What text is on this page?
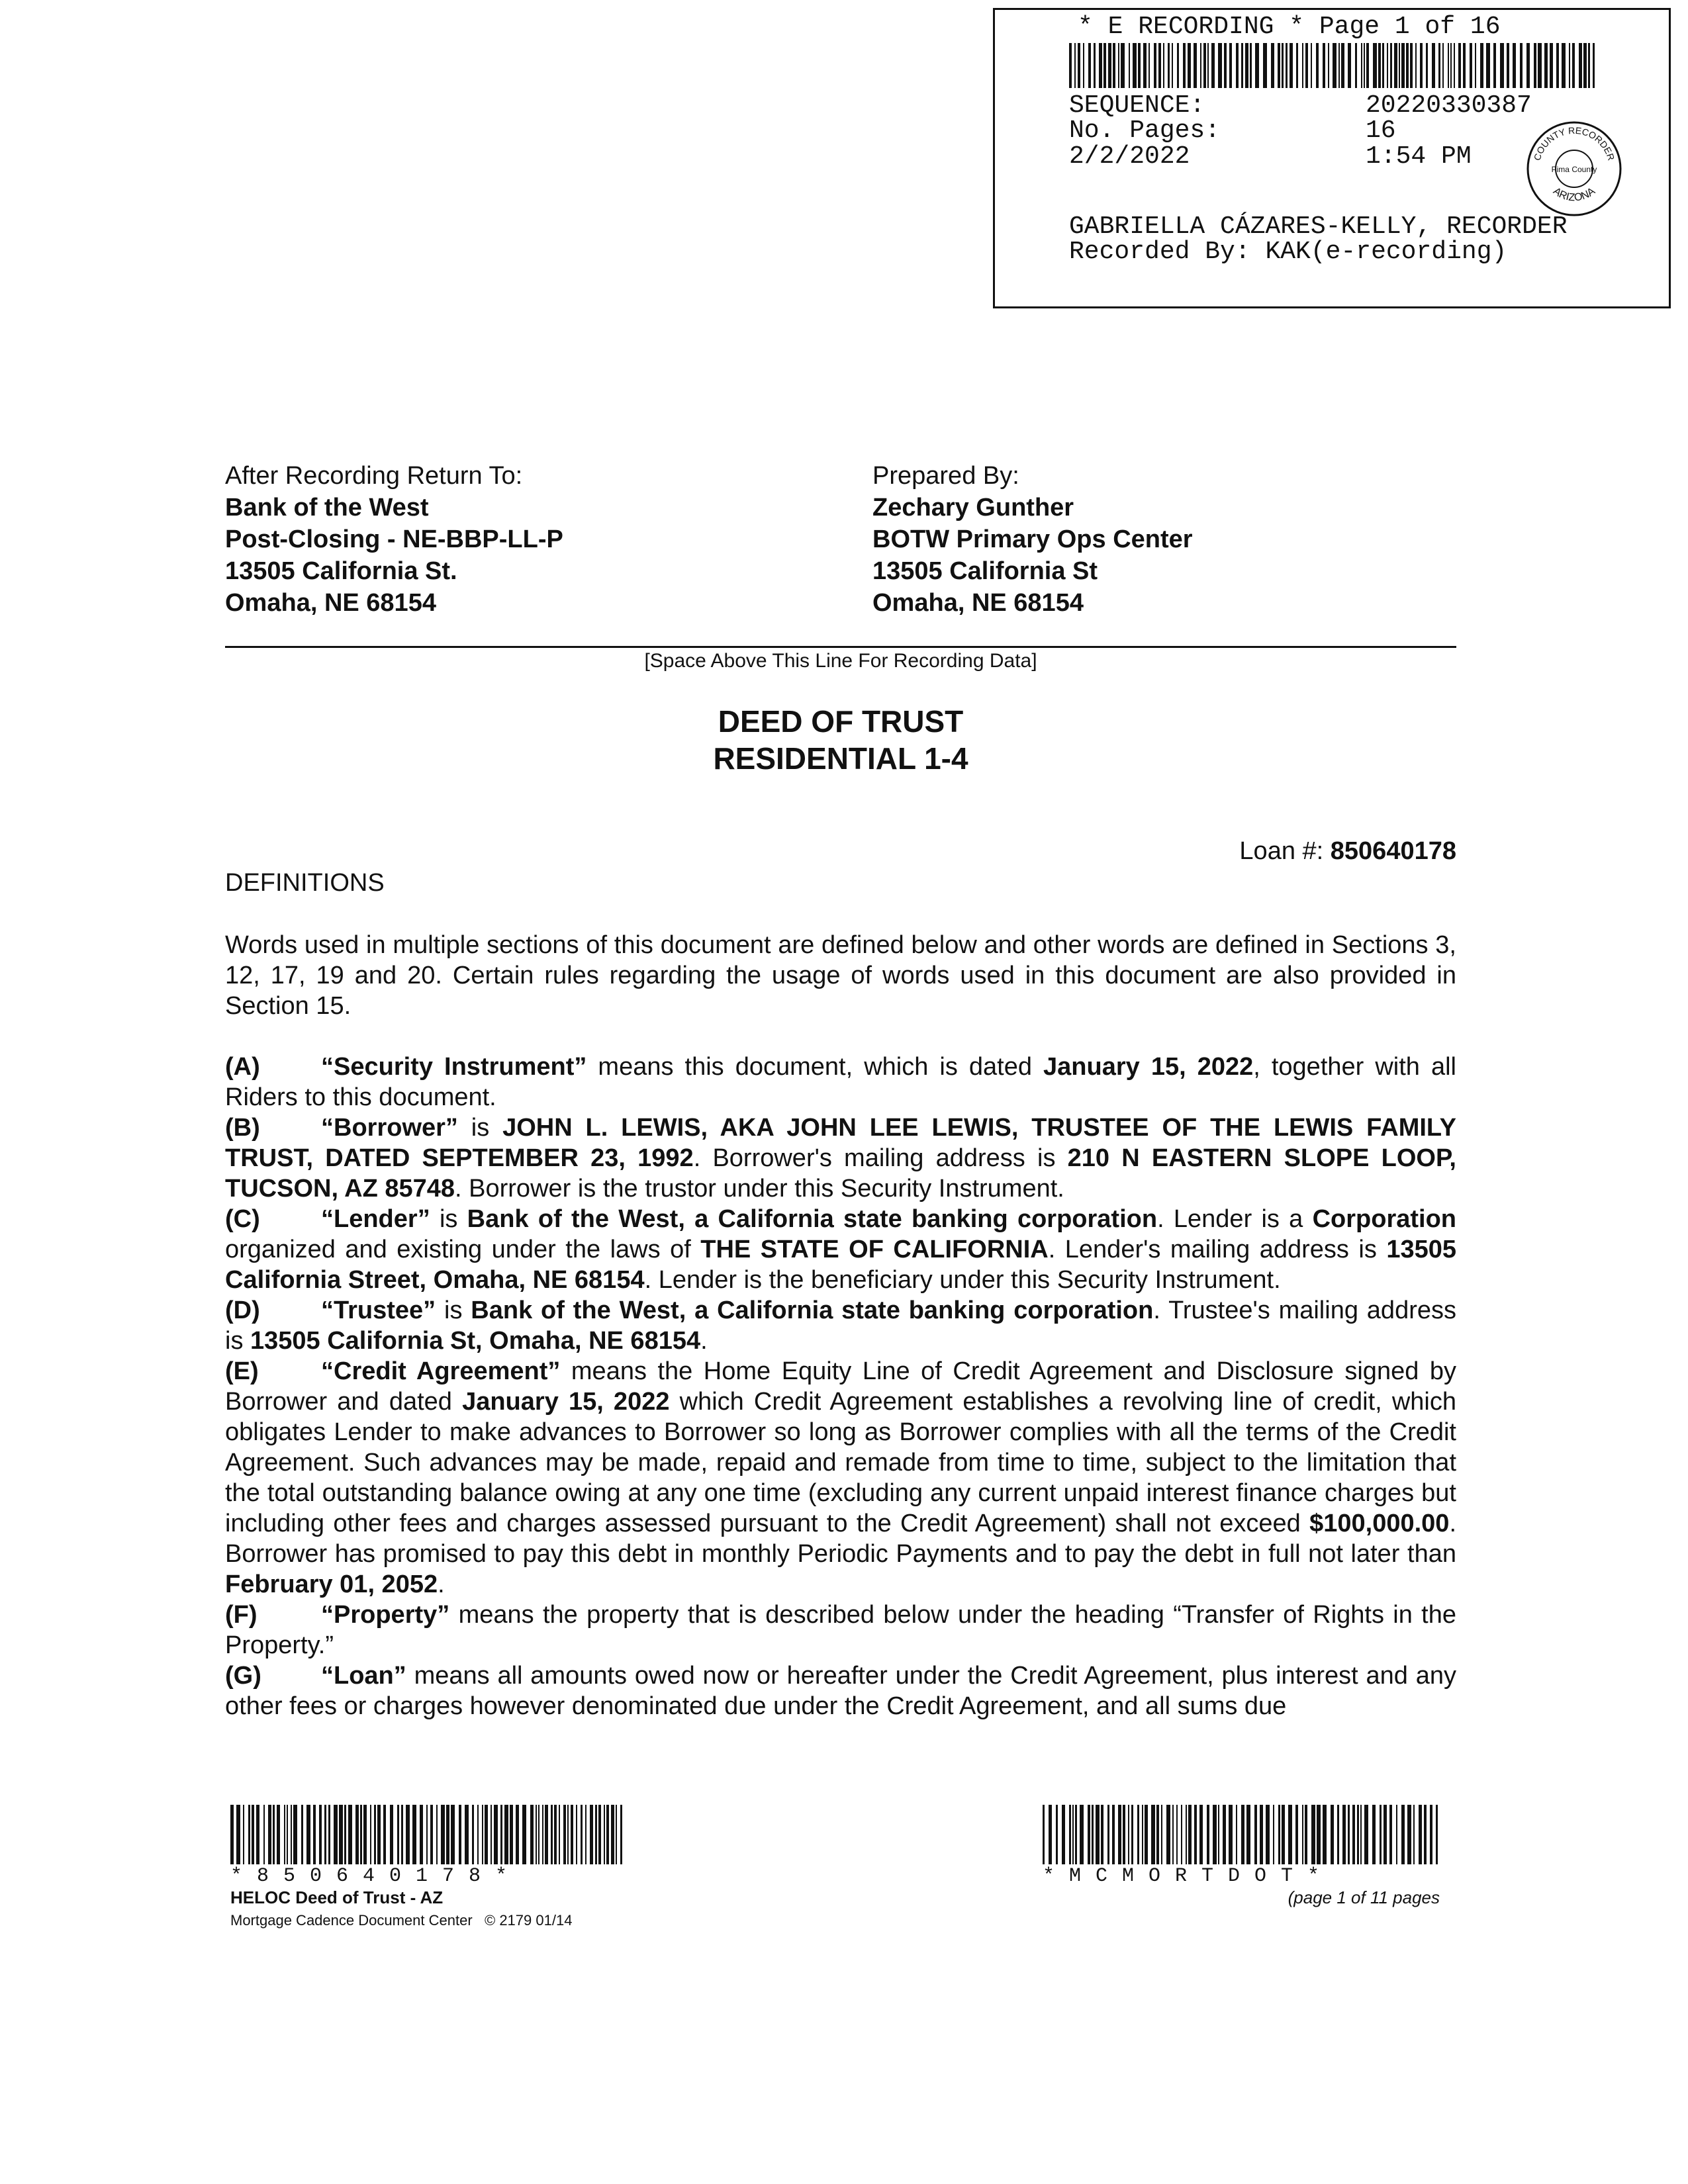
* E RECORDING * Page 1 of 16
SEQUENCE:	20220330387
No. Pages:	16
2/2/2022	1:54 PM	COUNTY RECORDER
ARIZONA
Pima County
GABRIELLA CÁZARES-KELLY, RECORDER
Recorded By: KAK(e-recording)
After Recording Return To:
Bank of the West
Post-Closing - NE-BBP-LL-P
13505 California St.
Omaha, NE 68154
Prepared By:
Zechary Gunther
BOTW Primary Ops Center
13505 California St
Omaha, NE 68154
[Space Above This Line For Recording Data]
DEED OF TRUST
RESIDENTIAL 1-4
Loan #: 850640178
DEFINITIONS

Words used in multiple sections of this document are defined below and other words are defined in Sections 3, 12, 17, 19 and 20. Certain rules regarding the usage of words used in this document are also provided in Section 15.

(A) “Security Instrument” means this document, which is dated January 15, 2022, together with all Riders to this document.

(B) “Borrower” is JOHN L. LEWIS, AKA JOHN LEE LEWIS, TRUSTEE OF THE LEWIS FAMILY TRUST, DATED SEPTEMBER 23, 1992. Borrower's mailing address is 210 N EASTERN SLOPE LOOP, TUCSON, AZ 85748. Borrower is the trustor under this Security Instrument.

(C) “Lender” is Bank of the West, a California state banking corporation. Lender is a Corporation organized and existing under the laws of THE STATE OF CALIFORNIA. Lender's mailing address is 13505 California Street, Omaha, NE 68154. Lender is the beneficiary under this Security Instrument.

(D) “Trustee” is Bank of the West, a California state banking corporation. Trustee's mailing address is 13505 California St, Omaha, NE 68154.

(E) “Credit Agreement” means the Home Equity Line of Credit Agreement and Disclosure signed by Borrower and dated January 15, 2022 which Credit Agreement establishes a revolving line of credit, which obligates Lender to make advances to Borrower so long as Borrower complies with all the terms of the Credit Agreement. Such advances may be made, repaid and remade from time to time, subject to the limitation that the total outstanding balance owing at any one time (excluding any current unpaid interest finance charges but including other fees and charges assessed pursuant to the Credit Agreement) shall not exceed $100,000.00. Borrower has promised to pay this debt in monthly Periodic Payments and to pay the debt in full not later than February 01, 2052.

(F)	“Property” means the property that is described below under the heading “Transfer of Rights in the Property.”

(G) “Loan” means all amounts owed now or hereafter under the Credit Agreement, plus interest and any other fees or charges however denominated due under the Credit Agreement, and all sums due

*850640178*
HELOC Deed of Trust - AZ
Mortgage Cadence Document Center © 2179 01/14
*MCMORTDOT*
(page 1 of 11 pages
